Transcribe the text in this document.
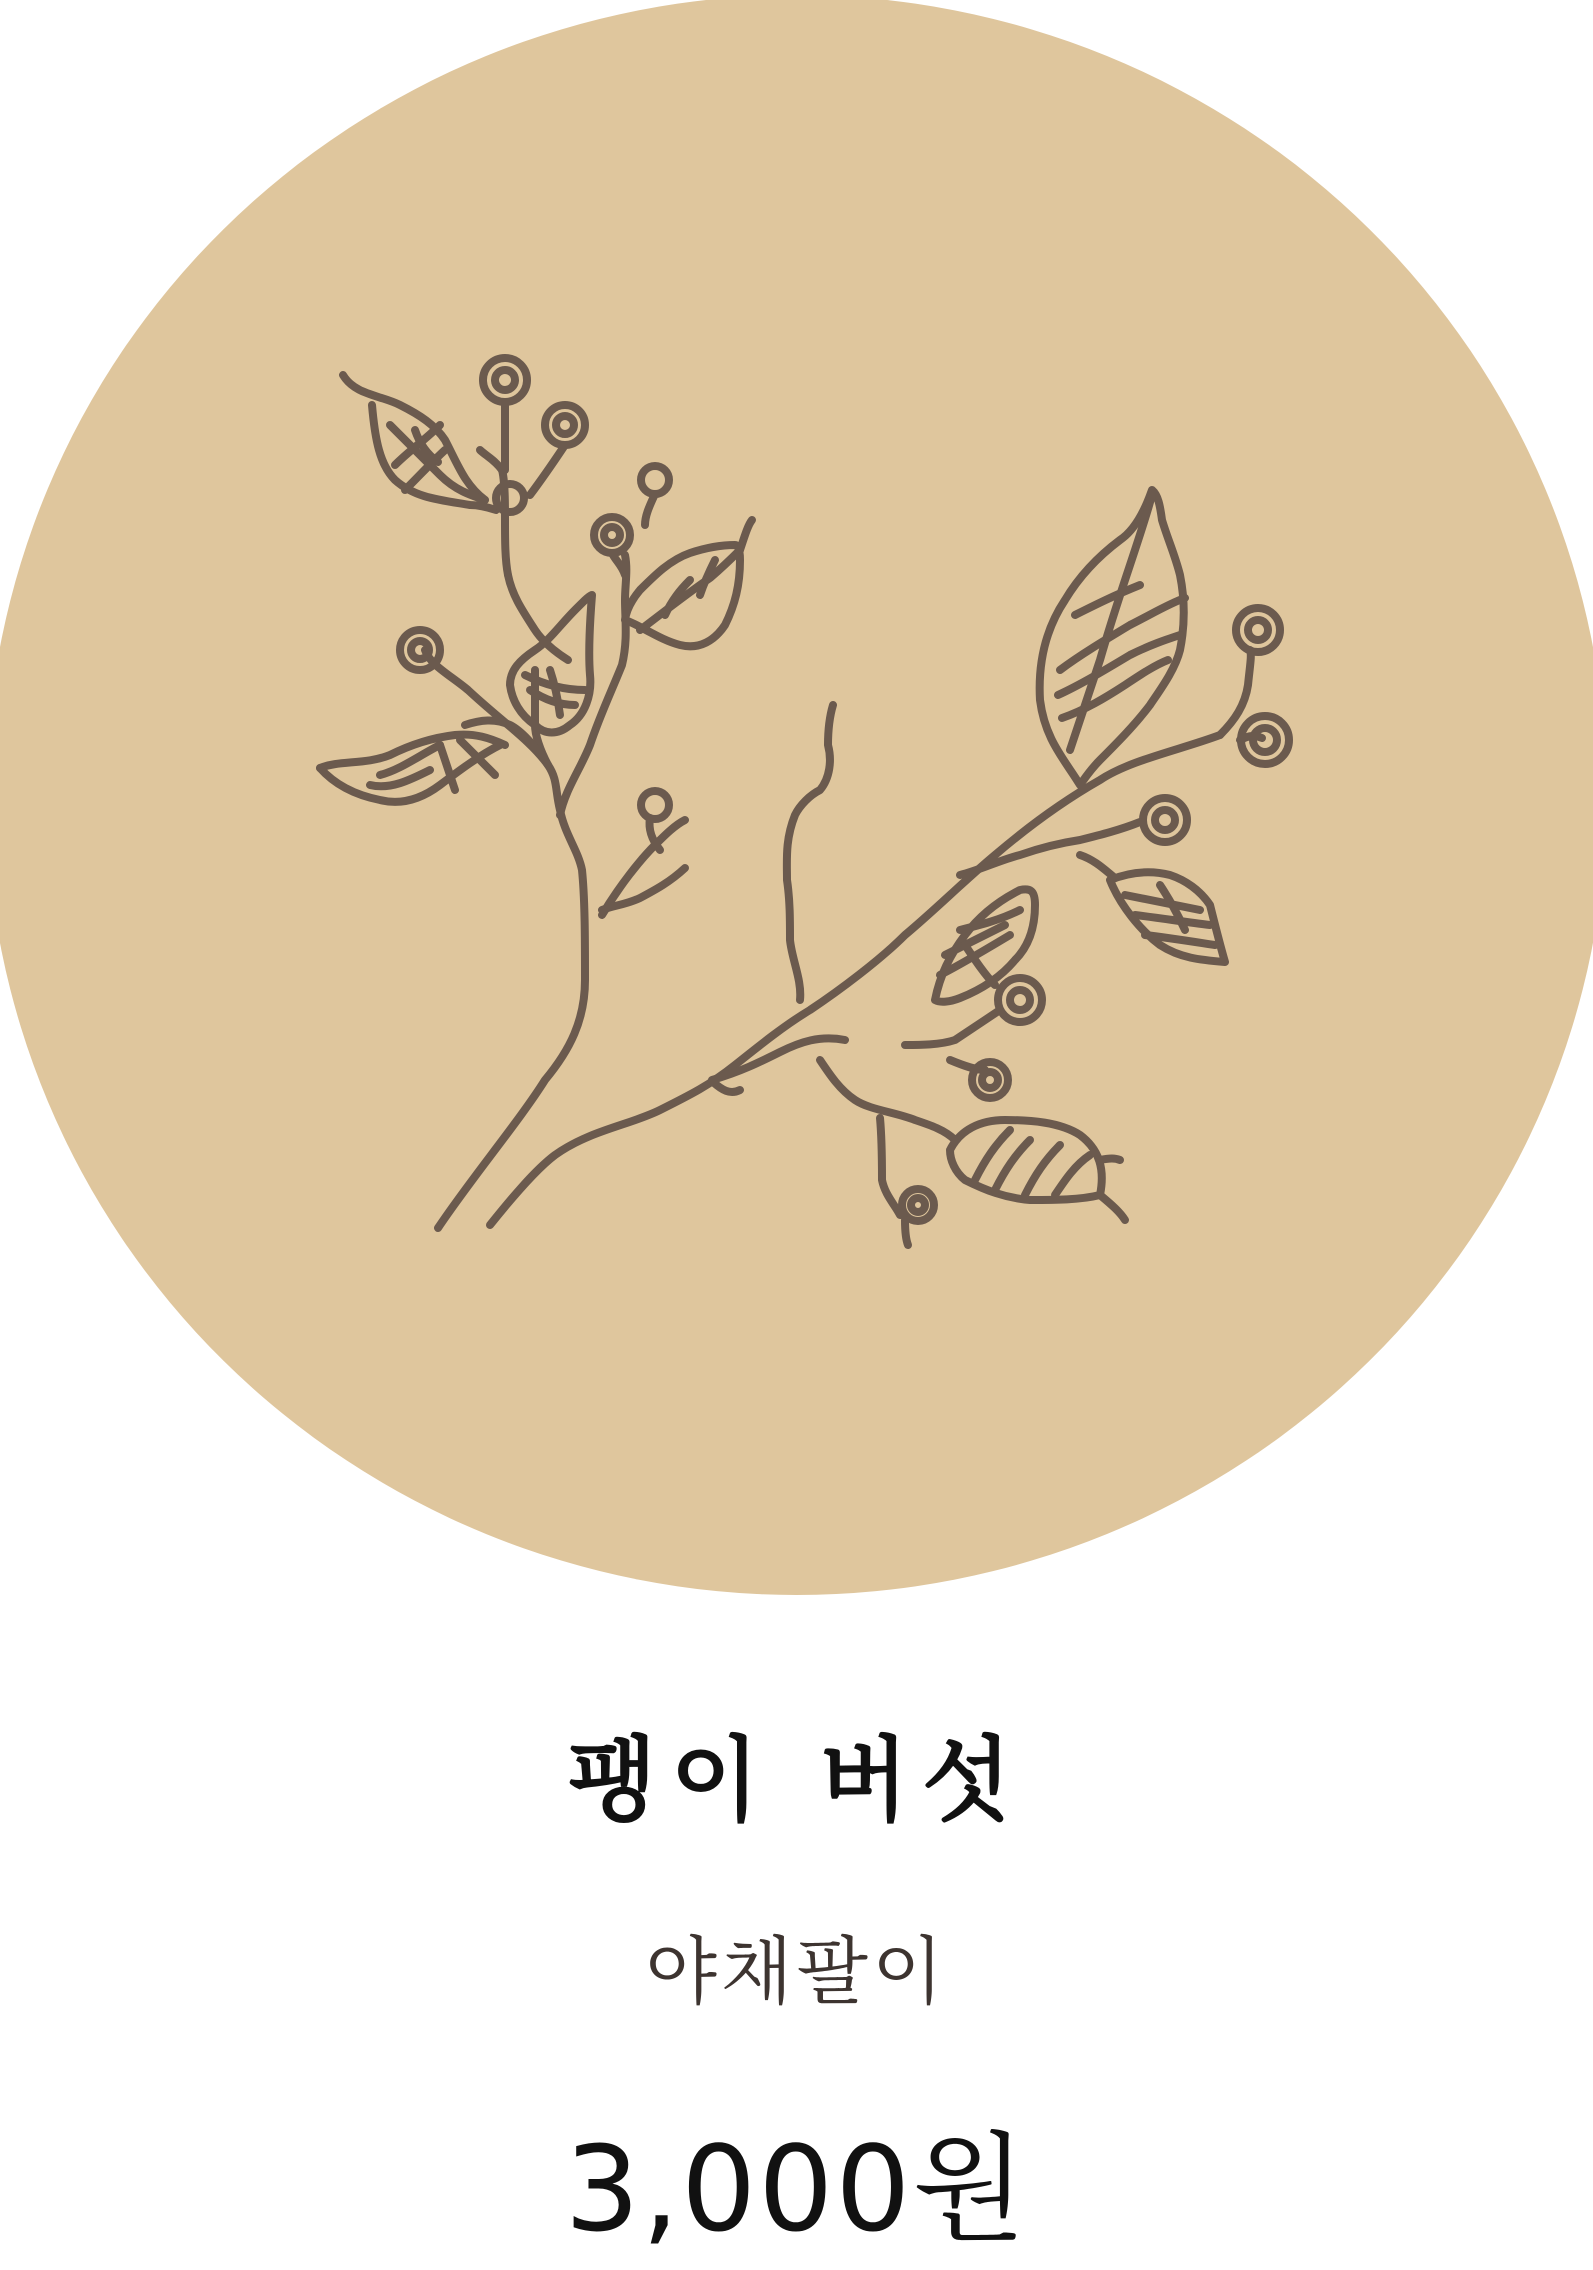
팽이 버섯
야채팔이
3,000원
